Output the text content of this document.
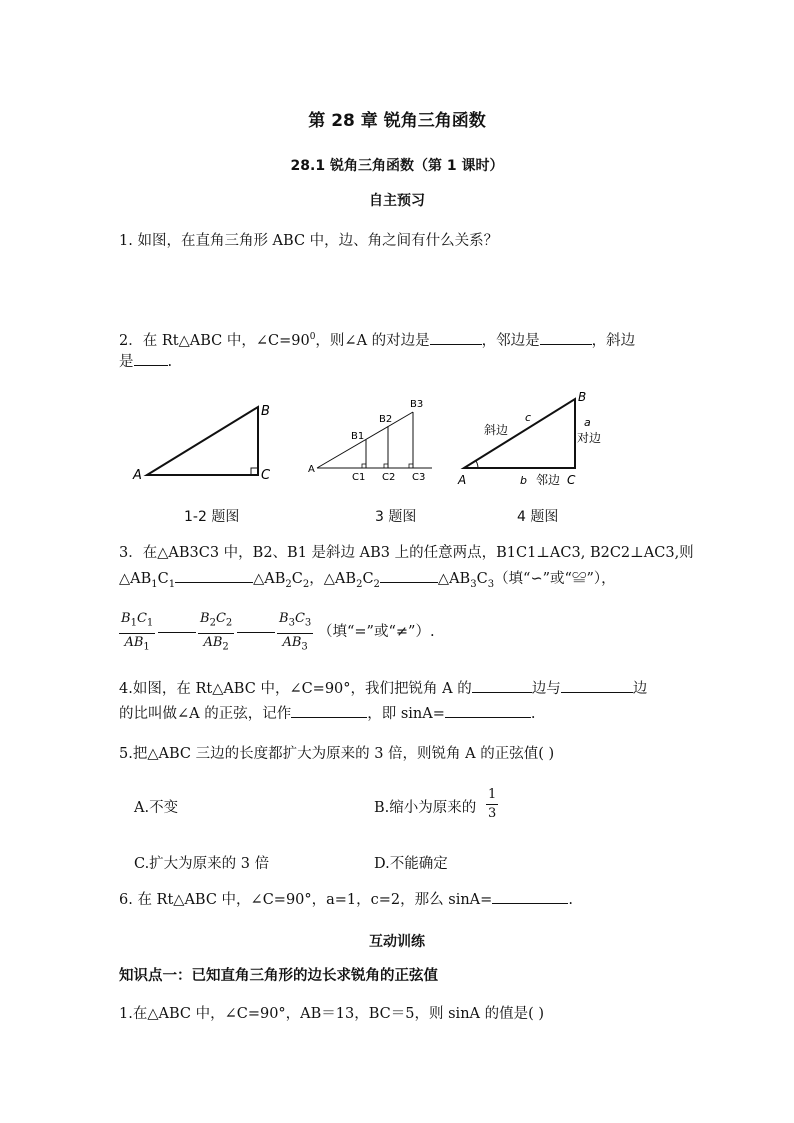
第 28 章 锐角三角函数
28.1 锐角三角函数（第 1 课时）
自主预习
1. 如图，在直角三角形 ABC 中，边、角之间有什么关系？
2．在 Rt△ABC 中，$\angle C=90^0$，则∠A 的对边是	，邻边是	，斜边
是 .
A
B
C	A
B1
B2
B3
C1 C2 C3	A
B
C
斜边
c	a
对边
b 邻边
1-2 题图	3 题图	4 题图
3．在△AB3C3 中，B2、B1 是斜边 AB3 上的任意两点，B1C1⊥AC3, B2C2⊥AC3,则
$\triangle AB_1C_1$	$\triangle AB_2C_2$，$\triangle AB_2C_2$	$\triangle AB_3C_3$（填“∽”或“≌”），
$\frac{B_1C_1}{AB_1}$	$\frac{B_2C_2}{AB_2}$	$\frac{B_3C_3}{AB_3}$ （填“=”或“≠”）.
4.如图，在 Rt△ABC 中，∠C=90°，我们把锐角 A 的	边与	边
的比叫做∠A 的正弦，记作	，即 sinA=	.
5.把△ABC 三边的长度都扩大为原来的 3 倍，则锐角 A 的正弦值( )
A.不变	B.缩小为原来的 $\frac{1}{3}$
C.扩大为原来的 3 倍	D.不能确定
6. 在 Rt△ABC 中，∠C=90°，a=1，c=2，那么 sinA=	.
互动训练
知识点一：已知直角三角形的边长求锐角的正弦值
1.在△ABC 中，∠C=90°，AB＝13，BC＝5，则 sinA 的值是( )
